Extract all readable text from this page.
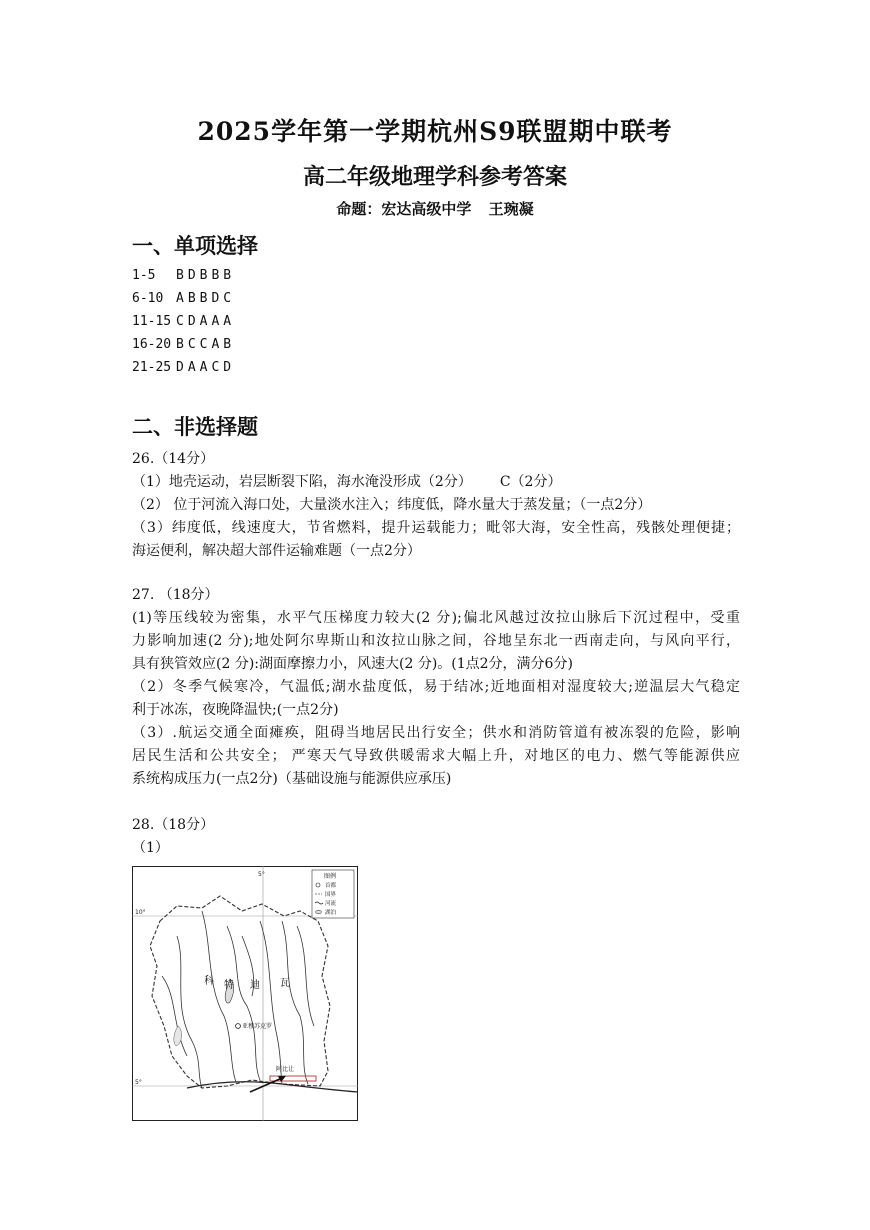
2025学年第一学期杭州S9联盟期中联考
高二年级地理学科参考答案
命题：宏达高级中学 王琬凝
一、单项选择
1-5 BDBBB
6-10 ABBDC
11-15 CDAAA
16-20 BCCAB
21-25 DAACD
二、非选择题
26.（14分）
（1）地壳运动，岩层断裂下陷，海水淹没形成（2分） C（2分）
（2） 位于河流入海口处，大量淡水注入；纬度低，降水量大于蒸发量；（一点2分）
（3）纬度低，线速度大，节省燃料，提升运载能力；毗邻大海，安全性高，残骸处理便捷；
海运便利，解决超大部件运输难题（一点2分）
27. （18分）
(1)等压线较为密集，水平气压梯度力较大(2 分);偏北风越过汝拉山脉后下沉过程中，受重
力影响加速(2 分);地处阿尔卑斯山和汝拉山脉之间，谷地呈东北一西南走向，与风向平行，
具有狭管效应(2 分):湖面摩擦力小，风速大(2 分)。(1点2分，满分6分)
（2）冬季气候寒冷，气温低;湖水盐度低，易于结冰;近地面相对湿度较大;逆温层大气稳定
利于冰冻，夜晚降温快;(一点2分)
（3）.航运交通全面瘫痪，阻碍当地居民出行安全；供水和消防管道有被冻裂的危险，影响
居民生活和公共安全； 严寒天气导致供暖需求大幅上升，对地区的电力、燃气等能源供应
系统构成压力(一点2分)（基础设施与能源供应承压)
28.（18分）
（1）
5°
10°
5°
科 特 迪 瓦
亚穆苏克罗
阿比让
图例
首都
国界
河流
湖泊
